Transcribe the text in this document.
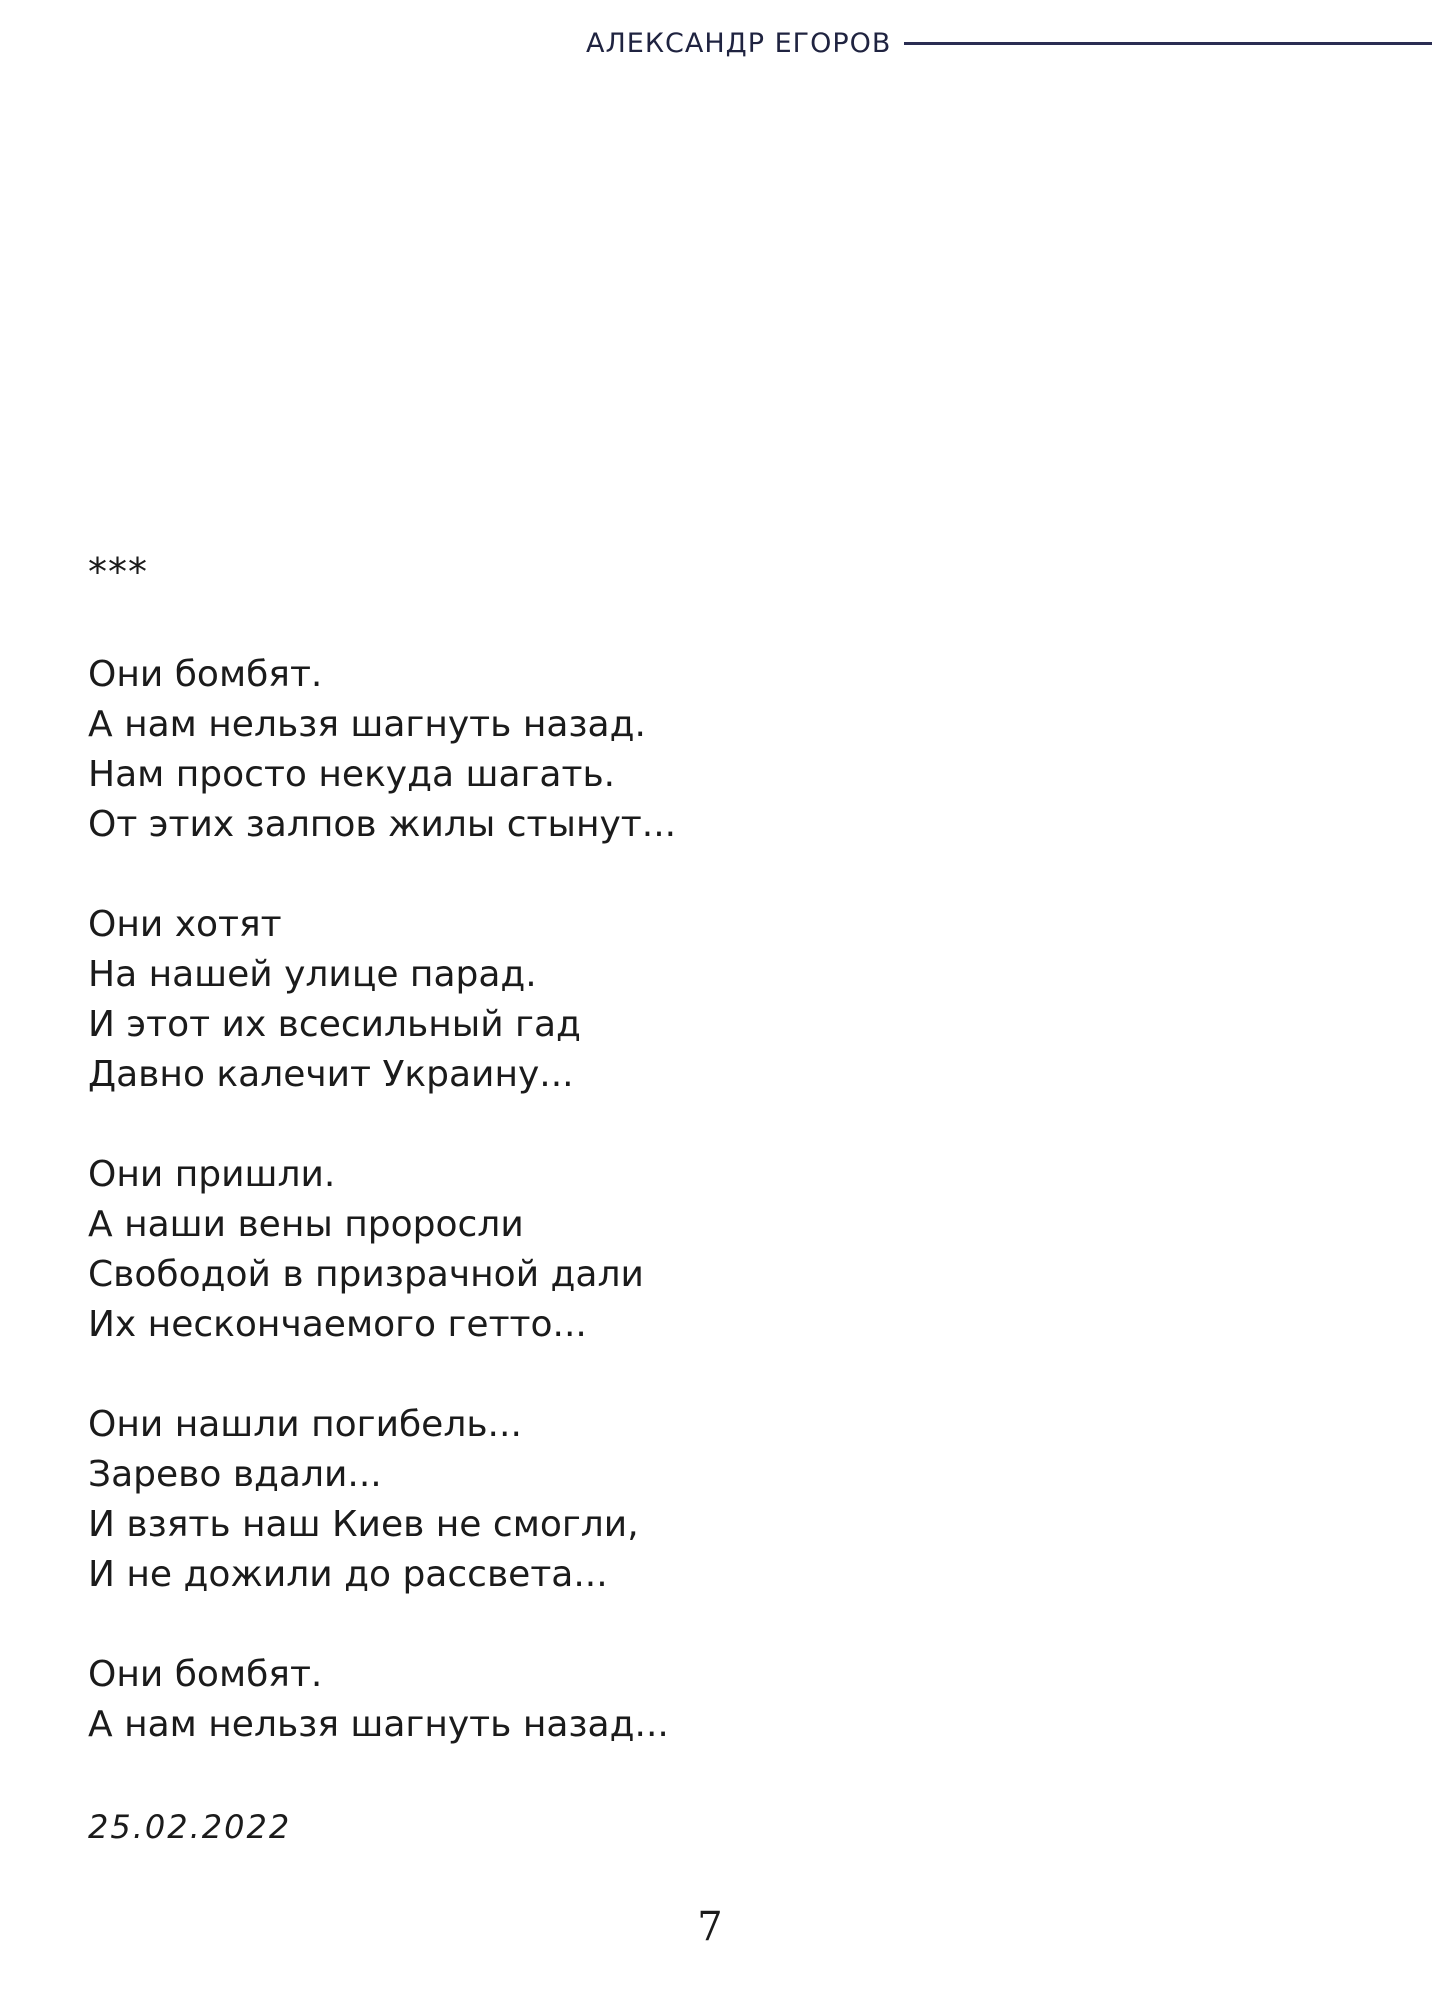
АЛЕКСАНДР ЕГОРОВ
***
Они бомбят.
А нам нельзя шагнуть назад.
Нам просто некуда шагать.
От этих залпов жилы стынут...
Они хотят
На нашей улице парад.
И этот их всесильный гад
Давно калечит Украину...
Они пришли.
А наши вены проросли
Свободой в призрачной дали
Их нескончаемого гетто...
Они нашли погибель...
Зарево вдали...
И взять наш Киев не смогли,
И не дожили до рассвета...
Они бомбят.
А нам нельзя шагнуть назад...
25.02.2022
7
